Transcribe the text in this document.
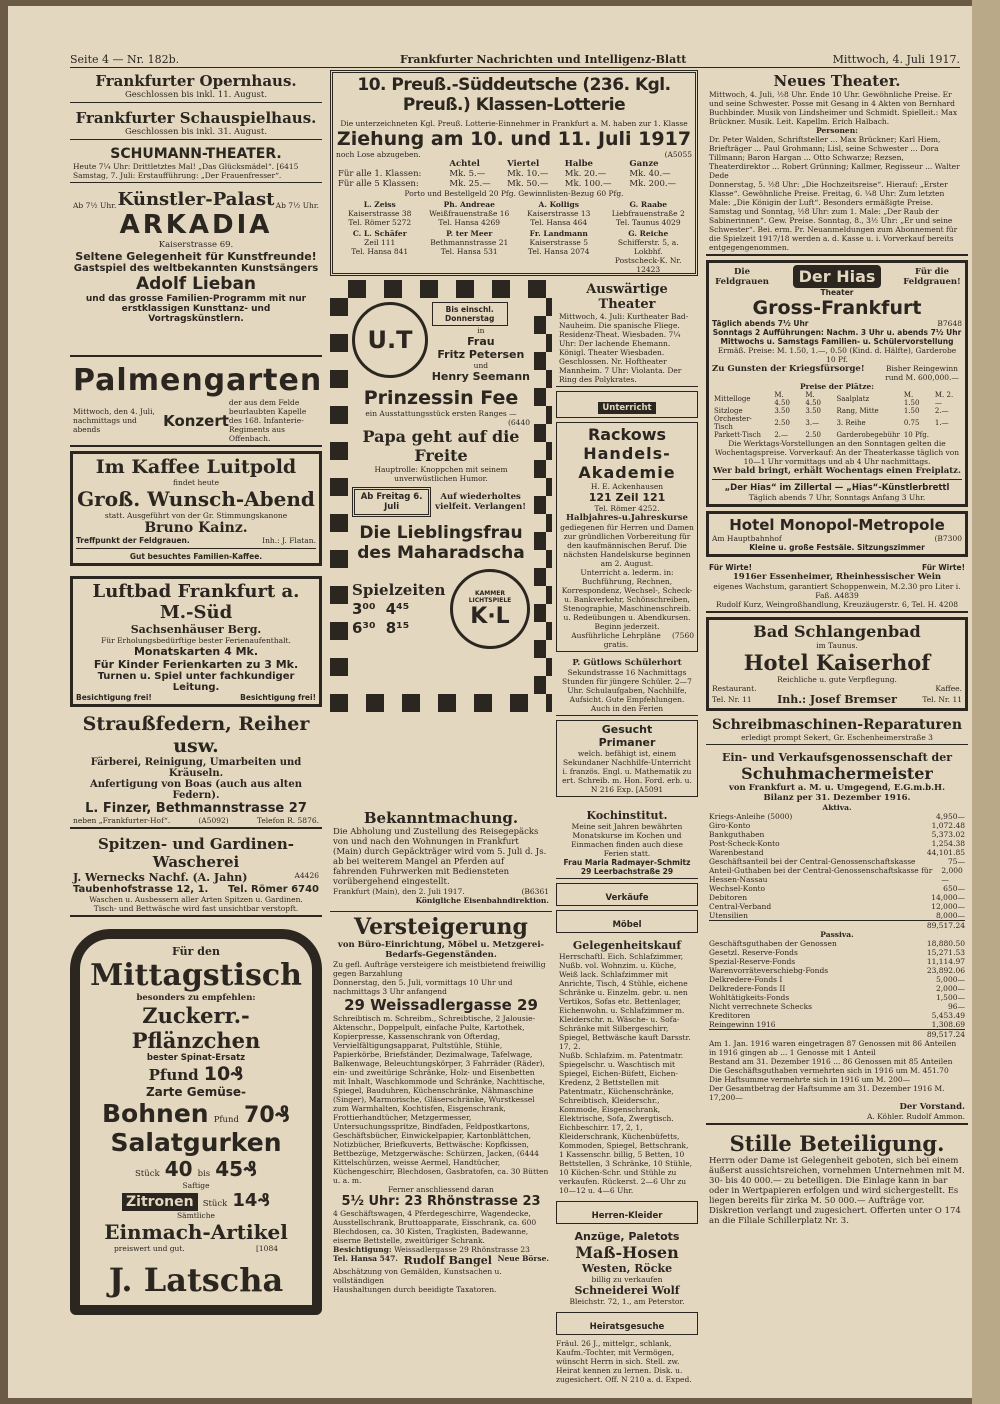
Seite 4 — Nr. 182b.	Frankfurter Nachrichten und Intelligenz-Blatt	Mittwoch, 4. Juli 1917.
Frankfurter Opernhaus.
Geschlossen bis inkl. 11. August.
Frankfurter Schauspielhaus.
Geschlossen bis inkl. 31. August.
SCHUMANN-THEATER.
Heute 7¼ Uhr: Drittletztes Mal! „Das Glücksmädel“. [6415
Samstag, 7. Juli: Erstaufführung: „Der Frauenfresser“.
Ab 7½ Uhr. Künstler-Palast Ab 7½ Uhr.
ARKADIA
Kaiserstrasse 69.
Seltene Gelegenheit für Kunstfreunde!
Gastspiel des weltbekannten Kunstsängers
Adolf Lieban
und das grosse Familien-Programm mit nur erstklassigen Kunsttanz- und Vortragskünstlern.
Palmengarten
Mittwoch, den 4. Juli, nachmittags und abends	Konzert
der aus dem Felde beurlaubten Kapelle des 168. Infanterie-Regiments aus Offenbach.
Im Kaffee Luitpold
findet heute
Groß. Wunsch-Abend
statt. Ausgeführt von der Gr. Stimmungskanone
Bruno Kainz.
Treffpunkt der Feldgrauen.	Inh.: J. Flatan.
Gut besuchtes Familien-Kaffee.
Luftbad Frankfurt a. M.-Süd
Sachsenhäuser Berg.
Für Erholungsbedürftige bester Ferienaufenthalt.
Monatskarten 4 Mk.
Für Kinder Ferienkarten zu 3 Mk.
Turnen u. Spiel unter fachkundiger Leitung.
Besichtigung frei!	Besichtigung frei!
Straußfedern, Reiher usw.
Färberei, Reinigung, Umarbeiten und Kräuseln.
Anfertigung von Boas (auch aus alten Federn).
L. Finzer, Bethmannstrasse 27
neben „Frankfurter-Hof“.	(A5092)	Telefon R. 5876.
Spitzen- und Gardinen-Wascherei
J. Wernecks Nachf. (A. Jahn)	A4426
Taubenhofstrasse 12, 1. Tel. Römer 6740
Waschen u. Ausbessern aller Arten Spitzen u. Gardinen.
Tisch- und Bettwäsche wird fast unsichtbar verstopft.
Für den
Mittagstisch
besonders zu empfehlen:
Zuckerr.-Pflänzchen
bester Spinat-Ersatz
Pfund 10₰
Zarte Gemüse-
Bohnen Pfund 70₰
Salatgurken
Stück 40 bis 45₰
Saftige
Zitronen Stück 14₰
Sämtliche
Einmach-Artikel
preiswert und gut.	[1084
J. Latscha
10. Preuß.-Süddeutsche (236. Kgl. Preuß.) Klassen-Lotterie
Die unterzeichneten Kgl. Preuß. Lotterie-Einnehmer in Frankfurt a. M. haben zur 1. Klasse
Ziehung am 10. und 11. Juli 1917
noch Lose abzugeben.	(A5055
	Achtel	Viertel	Halbe	Ganze
Für alle 1. Klassen:	Mk. 5.—	Mk. 10.—	Mk. 20.—	Mk. 40.—
Für alle 5 Klassen:	Mk. 25.—	Mk. 50.—	Mk. 100.—	Mk. 200.—
Porto und Bestellgeld 20 Pfg. Gewinnlisten-Bezug 60 Pfg.
L. Zeiss
Kaiserstrasse 38
Tel. Römer 5272
Ph. Andreae
Weißfrauenstraße 16
Tel. Hansa 4269
A. Kolligs
Kaiserstrasse 13
Tel. Hansa 464
G. Raabe
Liebfrauenstraße 2
Tel. Taunus 4029
C. L. Schäfer
Zeil 111
Tel. Hansa 841
P. ter Meer
Bethmannstrasse 21
Tel. Hansa 531
Fr. Landmann
Kaiserstrasse 5
Tel. Hansa 2074
G. Reiche
Schifferstr. 5, a. Lokbhf.
Postscheck-K. Nr. 12423
U.T
Bis einschl. Donnerstag
in
Frau
Fritz Petersen
und
Henry Seemann
Prinzessin Fee
ein Ausstattungsstück ersten Ranges —
(6440
Papa geht auf die Freite
Hauptrolle: Knoppchen mit seinem unverwüstlichen Humor.
Ab Freitag 6. Juli
Auf wiederholtes vielfeit. Verlangen!
Die Lieblingsfrau
des Maharadscha
Spielzeiten
3⁰⁰ 4⁴⁵
6³⁰ 8¹⁵
KAMMER LICHTSPIELE
K·L
Auswärtige Theater
Mittwoch, 4. Juli: Kurtheater Bad-Nauheim. Die spanische Fliege. Residenz-Theat. Wiesbaden. 7¼ Uhr: Der lachende Ehemann. Königl. Theater Wiesbaden. Geschlossen. Nr. Hoftheater Mannheim. 7 Uhr: Violanta. Der Ring des Polykrates.
Unterricht
Rackows
Handels-
Akademie
H. E. Ackenhausen
121 Zeil 121
Tel. Römer 4252.
Halbjahres-u.Jahreskurse
gediegenen für Herren und Damen zur gründlichen Vorbereitung für den kaufmännischen Beruf. Die nächsten Handelskurse beginnen am 2. August.
Unterricht a. lederm. in: Buchführung, Rechnen, Korrespondenz, Wechsel-, Scheck- u. Bankverkehr, Schönschreiben, Stenographie, Maschinenschreib. u. Redeübungen u. Abendkursen. Beginn jederzeit.
Ausführliche Lehrpläne gratis.
(7560
P. Gütlows Schülerhort
Sekundstrasse 16 Nachmittags Stunden für jüngere Schüler. 2—7 Uhr. Schulaufgaben, Nachhilfe, Aufsicht. Gute Empfehlungen. Auch in den Ferien
Gesucht
Primaner
welch. befähigt ist, einem Sekundaner Nachhilfe-Unterricht i. französ. Engl. u. Mathematik zu ert. Schreib. m. Hon. Ford. erb. u. N 216 Exp. [A5091
Bekanntmachung.
Die Abholung und Zustellung des Reisegepäcks von und nach den Wohnungen in Frankfurt (Main) durch Gepäckträger wird vom 5. Juli d. Js. ab bei weiterem Mangel an Pferden auf fahrenden Fuhrwerken mit Bediensteten vorübergehend eingestellt.
Frankfurt (Main), den 2. Juli 1917.	(B6361
Königliche Eisenbahndirektion.
Kochinstitut.
Meine seit Jahren bewährten Monatskurse im Kochen und Einmachen finden auch diese Ferien statt.
Frau Maria Radmayer-Schmitz
29 Leerbachstraße 29
Verkäufe
Möbel
Gelegenheitskauf
Herrschaftl. Eich. Schlafzimmer, Nußb. vol. Wohnzim. u. Küche, Weiß lack. Schlafzimmer mit Anrichte, Tisch, 4 Stühle, eichene Schränke u. Einzelm. gebr. u. nen Vertikos, Sofas etc. Bettenlager, Eichenwohn. u. Schlafzimmer m. Kleiderschr. n. Wäsche- u. Sofa-Schränke mit Silbergeschirr, Spiegel, Bettwäsche kauft Darsstr. 17, 2.
Nußb. Schlafzim. m. Patentmatr. Spiegelschr. u. Waschtisch mit Spiegel, Eichen-Büfett, Eichen-Kredenz, 2 Bettstellen mit Patentmatr., Küchenschränke, Schreibtisch, Kleiderschr., Kommode, Eisgenschrank, Elektrische, Sofa, Zwergtisch. Eichbeschirr. 17, 2, 1, Kleiderschrank, Küchenbüfetts, Kommoden, Spiegel, Bettschrank, 1 Kassenschr. billig, 5 Betten, 10 Bettstellen, 3 Schränke, 10 Stühle, 10 Küchen-Schr. und Stühle zu verkaufen. Rückerst. 2—6 Uhr zu 10—12 u. 4—6 Uhr.
Herren-Kleider
Anzüge, Paletots
Maß-Hosen
Westen, Röcke
billig zu verkaufen
Schneiderei Wolf
Bleichstr. 72, 1., am Peterstor.
Heiratsgesuche
Fräul. 26 J., mittelgr., schlank, Kaufm.-Tochter, mit Vermögen, wünscht Herrn in sich. Stell. zw. Heirat kennen zu lernen. Disk. u. zugesichert. Off. N 210 a. d. Exped.
Versteigerung
von Büro-Einrichtung, Möbel u. Metzgerei-Bedarfs-Gegenständen.
Zu gefl. Aufträge versteigere ich meistbietend freiwillig gegen Barzahlung
Donnerstag, den 5. Juli, vormittags 10 Uhr und nachmittags 3 Uhr anfangend
29 Weissadlergasse 29
Schreibtisch m. Schreibm., Schreibtische, 2 Jalousie-Aktenschr., Doppelpult, einfache Pulte, Kartothek, Kopierpresse, Kassenschrank von Ofterdag, Vervielfältigungsapparat, Pultstühle, Stühle, Papierkörbe, Briefständer, Dezimalwage, Tafelwage, Balkenwage, Beleuchtungskörper, 3 Fahrräder (Räder), ein- und zweitürige Schränke, Holz- und Eisenbetten mit Inhalt, Waschkommode und Schränke, Nachttische, Spiegel, Bauduhren, Küchenschränke, Nähmaschine (Singer), Marmorische, Gläserschränke, Wurstkessel zum Warmhalten, Kochtisfen, Eisgenschrank, Frottierhandtücher, Metzgermesser, Untersuchungsspritze, Bindfaden, Feldpostkartons, Geschäftsbücher, Einwickelpapier, Kartonblättchen, Notizbücher, Briefkuverts, Bettwäsche: Kopfkissen, Bettbezüge, Metzgerwäsche: Schürzen, Jacken, (6444 Kittelschürzen, weisse Aermel, Handtücher, Küchengeschirr, Blechdosen, Gasbratofen, ca. 30 Bütten u. a. m.
Ferner anschliessend daran
5½ Uhr: 23 Rhönstrasse 23
4 Geschäftswagen, 4 Pferdegeschirre, Wagendecke, Ausstellschrank, Bruttoapparate, Eisschrank, ca. 600 Blechdosen, ca. 30 Kisten, Tragkisten, Badewanne, eiserne Bettstelle, zweitüriger Schrank.
Besichtigung: Weissadlergasse 29 Rhönstrasse 23
Tel. Hansa 547. Rudolf Bangel Neue Börse.
Abschätzung von Gemälden, Kunstsachen u. vollständigen
Haushaltungen durch beeidigte Taxatoren.
Neues Theater.
Mittwoch, 4. Juli, ½8 Uhr. Ende 10 Uhr. Gewöhnliche Preise. Er und seine Schwester. Posse mit Gesang in 4 Akten von Bernhard Buchbinder. Musik von Lindsheimer und Schmidt. Spielleit.: Max Brückner. Musik. Leit. Kapellm. Erich Halbach.
Personen:
Dr. Peter Walden, Schriftsteller ... Max Brückner; Karl Hiem, Briefträger ... Paul Grohmann; Lisl, seine Schwester ... Dora Tillmann; Baron Hargan ... Otto Schwarze; Rezsen, Theaterdirektor ... Robert Grünning; Kallmer, Regisseur ... Walter Dede
Donnerstag, 5. ½8 Uhr: „Die Hochzeitsreise“. Hierauf: „Erster Klasse“. Gewöhnliche Preise. Freitag, 6. ¼8 Uhr: Zum letzten Male: „Die Königin der Luft“. Besonders ermäßigte Preise. Samstag und Sonntag, ½8 Uhr: zum 1. Male: „Der Raub der Sabinerinnen“. Gew. Preise. Sonntag, 8., 3½ Uhr: „Er und seine Schwester“. Bei. erm. Pr. Neuanmeldungen zum Abonnement für die Spielzeit 1917/18 werden a. d. Kasse u. i. Vorverkauf bereits entgegengenommen.
Die Feldgrauen	Der Hias	Für die Feldgrauen!
Theater
Gross-Frankfurt
Täglich abends 7½ Uhr	B7648
Sonntags 2 Aufführungen: Nachm. 3 Uhr u. abends 7½ Uhr
Mittwochs u. Samstags Familien- u. Schülervorstellung
Ermäß. Preise: M. 1.50, 1.—, 0.50 (Kind. d. Hälfte), Garderobe 10 Pf.
Zu Gunsten der Kriegsfürsorge!	Bisher Reingewinn rund M. 600,000.—
Preise der Plätze:
Mittelloge	M. 4.50	M. 4.50	Saalplatz	M. 1.50	M. 2.—
Sitzloge	3.50	3.50	Rang, Mitte	1.50	2.—
Orchester-Tisch	2.50	3.—	3. Reihe	0.75	1.—
Parkett-Tisch	2.—	2.50	Garderobegebühr	10 Pfg.	
Die Werktags-Vorstellungen an den Sonntagen gelten die Wochentagspreise. Vorverkauf: An der Theaterkasse täglich von 10—1 Uhr vormittags und ab 4 Uhr nachmittags.
Wer bald bringt, erhält Wochentags einen Freiplatz.
„Der Hias“ im Zillertal — „Hias“-Künstlerbrettl
Täglich abends 7 Uhr, Sonntags Anfang 3 Uhr.
Hotel Monopol-Metropole
Am Hauptbahnhof	(B7300
Kleine u. große Festsäle. Sitzungszimmer
Für Wirte!	Für Wirte!
1916er Essenheimer, Rheinhessischer Wein
eigenes Wachstum, garantiert Schoppenwein, M.2.30 pro Liter i. Faß. A4839
Rudolf Kurz, Weingroßhandlung, Kreuzäugerstr. 6, Tel. H. 4208
Bad Schlangenbad
im Taunus.
Hotel Kaiserhof
Reichliche u. gute Verpflegung.
Restaurant.	Kaffee.
Tel. Nr. 11 Inh.: Josef Bremser	Tel. Nr. 11
Schreibmaschinen-Reparaturen
erledigt prompt Sekert, Gr. Eschenheimerstraße 3
Ein- und Verkaufsgenossenschaft der
Schuhmachermeister
von Frankfurt a. M. u. Umgegend, E.G.m.b.H.
Bilanz per 31. Dezember 1916.
Aktiva.
Kriegs-Anleihe (5000)	4,950—
Giro-Konto	1,072.48
Bankguthaben	5,373.02
Post-Scheck-Konto	1,254.38
Warenbestand	44,101.85
Geschäftsanteil bei der Central-Genossenschaftskasse	75—
Anteil-Guthaben bei der Central-Genossenschaftskasse für Hessen-Nassau
2,000—
Wechsel-Konto	650—
Debitoren	14,000—
Central-Verband	12,000—
Utensilien	8,000—
89,517.24
Passiva.
Geschäftsguthaben der Genossen	18,880.50
Gesetzl. Reserve-Fonds	15,271.53
Spezial-Reserve-Fonds	11,114.97
Warenvorräteverschiebg-Fonds	23,892.06
Delkredere-Fonds I	5,000—
Delkredere-Fonds II	2,000—
Wohltätigkeits-Fonds	1,500—
Nicht verrechnete Schecks	96—
Kreditoren	5,453.49
Reingewinn 1916	1,308.69
89,517.24
Am 1. Jan. 1916 waren eingetragen 87 Genossen mit 86 Anteilen
in 1916 gingen ab ... 1 Genosse mit 1 Anteil
Bestand am 31. Dezember 1916 ... 86 Genossen mit 85 Anteilen
Die Geschäftsguthaben vermehrten sich in 1916 um M. 451.70
Die Haftsumme vermehrte sich in 1916 um M. 200—
Der Gesamtbetrag der Haftsumme am 31. Dezember 1916 M. 17,200—
Der Vorstand.
A. Köhler. Rudolf Ammon.
Stille Beteiligung.
Herrn oder Dame ist Gelegenheit geboten, sich bei einem äußerst aussichtsreichen, vornehmen Unternehmen mit M. 30- bis 40 000.— zu beteiligen. Die Einlage kann in bar oder in Wertpapieren erfolgen und wird sichergestellt. Es liegen bereits für zirka M. 50 000.— Aufträge vor. Diskretion verlangt und zugesichert. Offerten unter O 174 an die Filiale Schillerplatz Nr. 3.
